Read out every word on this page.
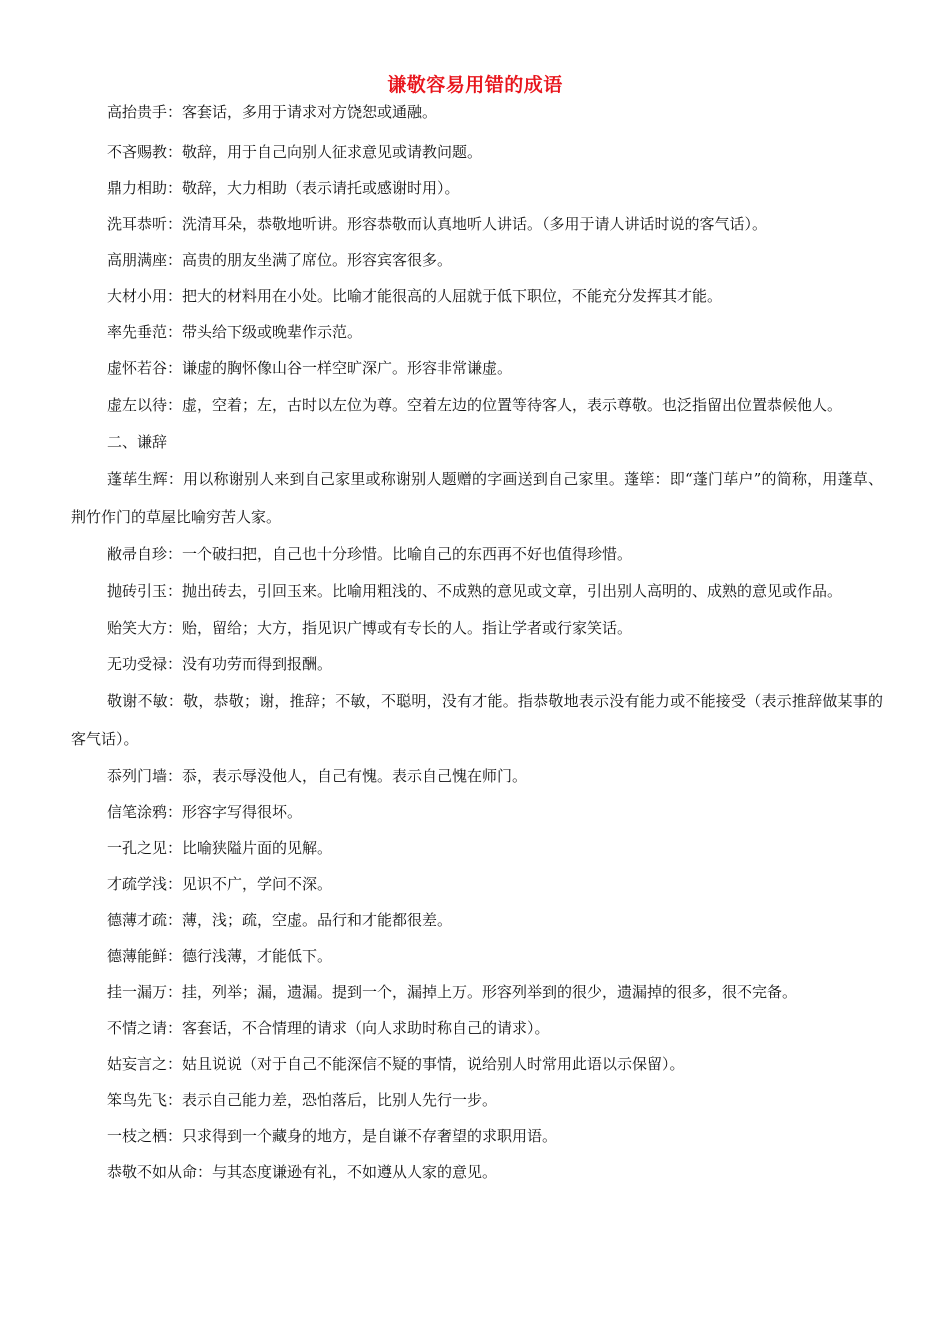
谦敬容易用错的成语

高抬贵手：客套话，多用于请求对方饶恕或通融。

不吝赐教：敬辞，用于自己向别人征求意见或请教问题。

鼎力相助：敬辞，大力相助（表示请托或感谢时用）。

洗耳恭听：洗清耳朵，恭敬地听讲。形容恭敬而认真地听人讲话。（多用于请人讲话时说的客气话）。

高朋满座：高贵的朋友坐满了席位。形容宾客很多。

大材小用：把大的材料用在小处。比喻才能很高的人屈就于低下职位，不能充分发挥其才能。

率先垂范：带头给下级或晚辈作示范。

虚怀若谷：谦虚的胸怀像山谷一样空旷深广。形容非常谦虚。

虚左以待：虚，空着；左，古时以左位为尊。空着左边的位置等待客人，表示尊敬。也泛指留出位置恭候他人。

二、谦辞

蓬荜生辉：用以称谢别人来到自己家里或称谢别人题赠的字画送到自己家里。蓬筚：即“蓬门荜户”的简称，用蓬草、荆竹作门的草屋比喻穷苦人家。

敝帚自珍：一个破扫把，自己也十分珍惜。比喻自己的东西再不好也值得珍惜。

抛砖引玉：抛出砖去，引回玉来。比喻用粗浅的、不成熟的意见或文章，引出别人高明的、成熟的意见或作品。

贻笑大方：贻，留给；大方，指见识广博或有专长的人。指让学者或行家笑话。

无功受禄：没有功劳而得到报酬。

敬谢不敏：敬，恭敬；谢，推辞；不敏，不聪明，没有才能。指恭敬地表示没有能力或不能接受（表示推辞做某事的客气话）。

忝列门墙：忝，表示辱没他人，自己有愧。表示自己愧在师门。

信笔涂鸦：形容字写得很坏。

一孔之见：比喻狭隘片面的见解。

才疏学浅：见识不广，学问不深。

德薄才疏：薄，浅；疏，空虚。品行和才能都很差。

德薄能鲜：德行浅薄，才能低下。

挂一漏万：挂，列举；漏，遗漏。提到一个，漏掉上万。形容列举到的很少，遗漏掉的很多，很不完备。

不情之请：客套话，不合情理的请求（向人求助时称自己的请求）。

姑妄言之：姑且说说（对于自己不能深信不疑的事情，说给别人时常用此语以示保留）。

笨鸟先飞：表示自己能力差，恐怕落后，比别人先行一步。

一枝之栖：只求得到一个藏身的地方，是自谦不存奢望的求职用语。

恭敬不如从命：与其态度谦逊有礼，不如遵从人家的意见。
